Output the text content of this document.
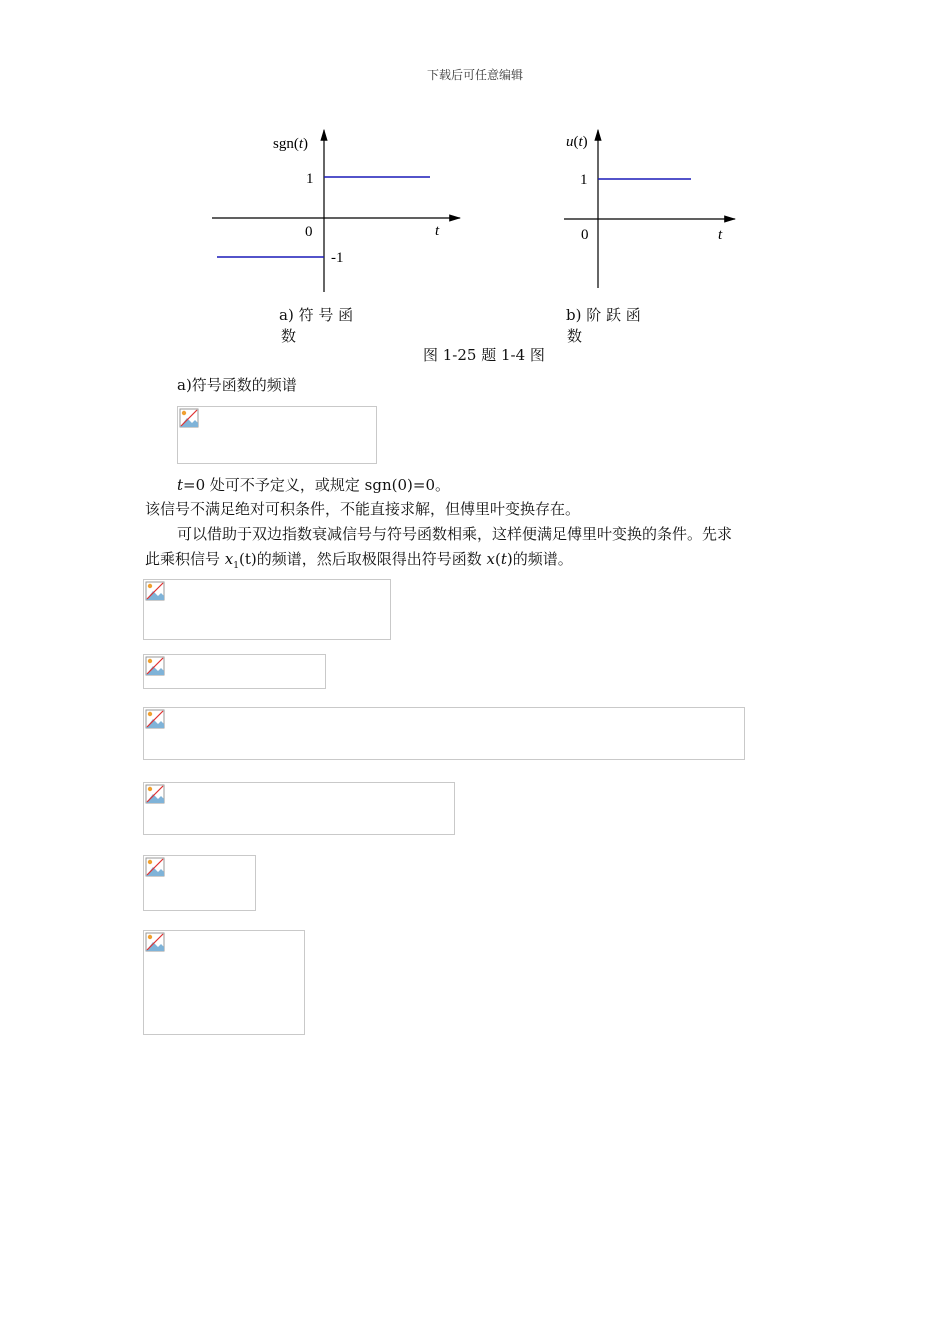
下载后可任意编辑
sgn(t)
1
0
-1
t
u(t)
1
0	t
a) 符 号 函
数
b) 阶 跃 函
数
图 1-25 题 1-4 图
a)符号函数的频谱
t=0 处可不予定义，或规定 sgn(0)=0。
该信号不满足绝对可积条件，不能直接求解，但傅里叶变换存在。
可以借助于双边指数衰减信号与符号函数相乘，这样便满足傅里叶变换的条件。先求
此乘积信号 $x_1(t)$的频谱，然后取极限得出符号函数 x(t)的频谱。
